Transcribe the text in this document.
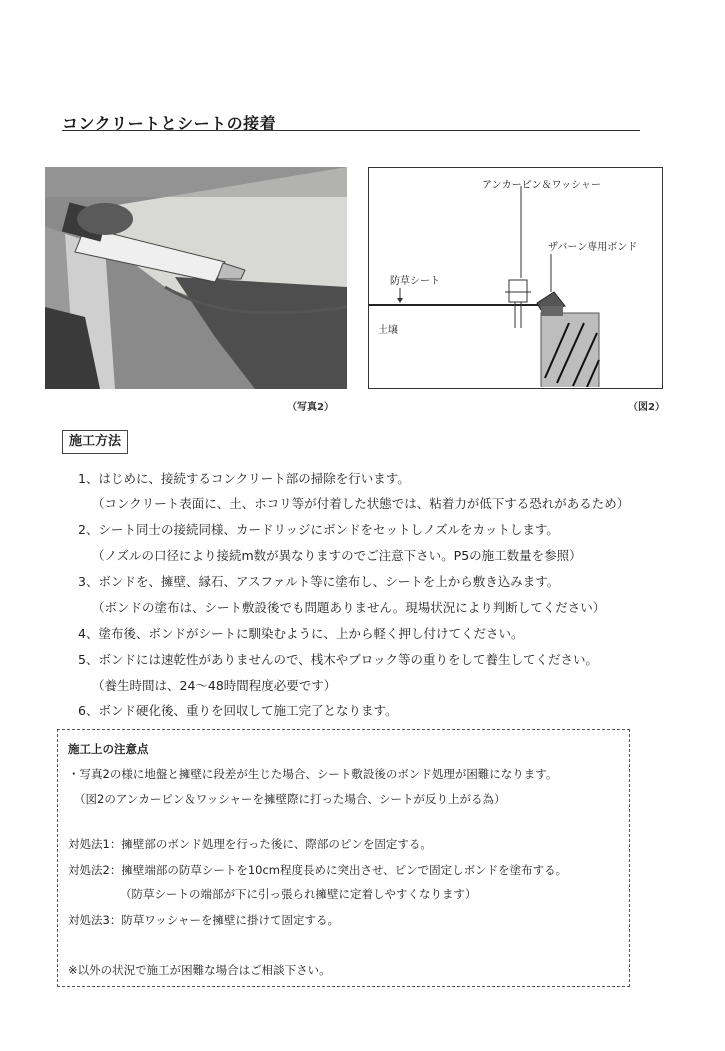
コンクリートとシートの接着
（写真2）
アンカーピン＆ワッシャー
ザバーン専用ボンド
防草シート
土壌
（図2）
施工方法
1、はじめに、接続するコンクリート部の掃除を行います。
（コンクリート表面に、土、ホコリ等が付着した状態では、粘着力が低下する恐れがあるため）
2、シート同士の接続同様、カードリッジにボンドをセットしノズルをカットします。
（ノズルの口径により接続m数が異なりますのでご注意下さい。P5の施工数量を参照）
3、ボンドを、擁壁、縁石、アスファルト等に塗布し、シートを上から敷き込みます。
（ボンドの塗布は、シート敷設後でも問題ありません。現場状況により判断してください）
4、塗布後、ボンドがシートに馴染むように、上から軽く押し付けてください。
5、ボンドには速乾性がありませんので、桟木やブロック等の重りをして養生してください。
（養生時間は、24～48時間程度必要です）
6、ボンド硬化後、重りを回収して施工完了となります。
施工上の注意点
・写真2の様に地盤と擁壁に段差が生じた場合、シート敷設後のボンド処理が困難になります。
（図2のアンカーピン＆ワッシャーを擁壁際に打った場合、シートが反り上がる為）
対処法1：擁壁部のボンド処理を行った後に、際部のピンを固定する。
対処法2：擁壁端部の防草シートを10cm程度長めに突出させ、ピンで固定しボンドを塗布する。
（防草シートの端部が下に引っ張られ擁壁に定着しやすくなります）
対処法3：防草ワッシャーを擁壁に掛けて固定する。
※以外の状況で施工が困難な場合はご相談下さい。
